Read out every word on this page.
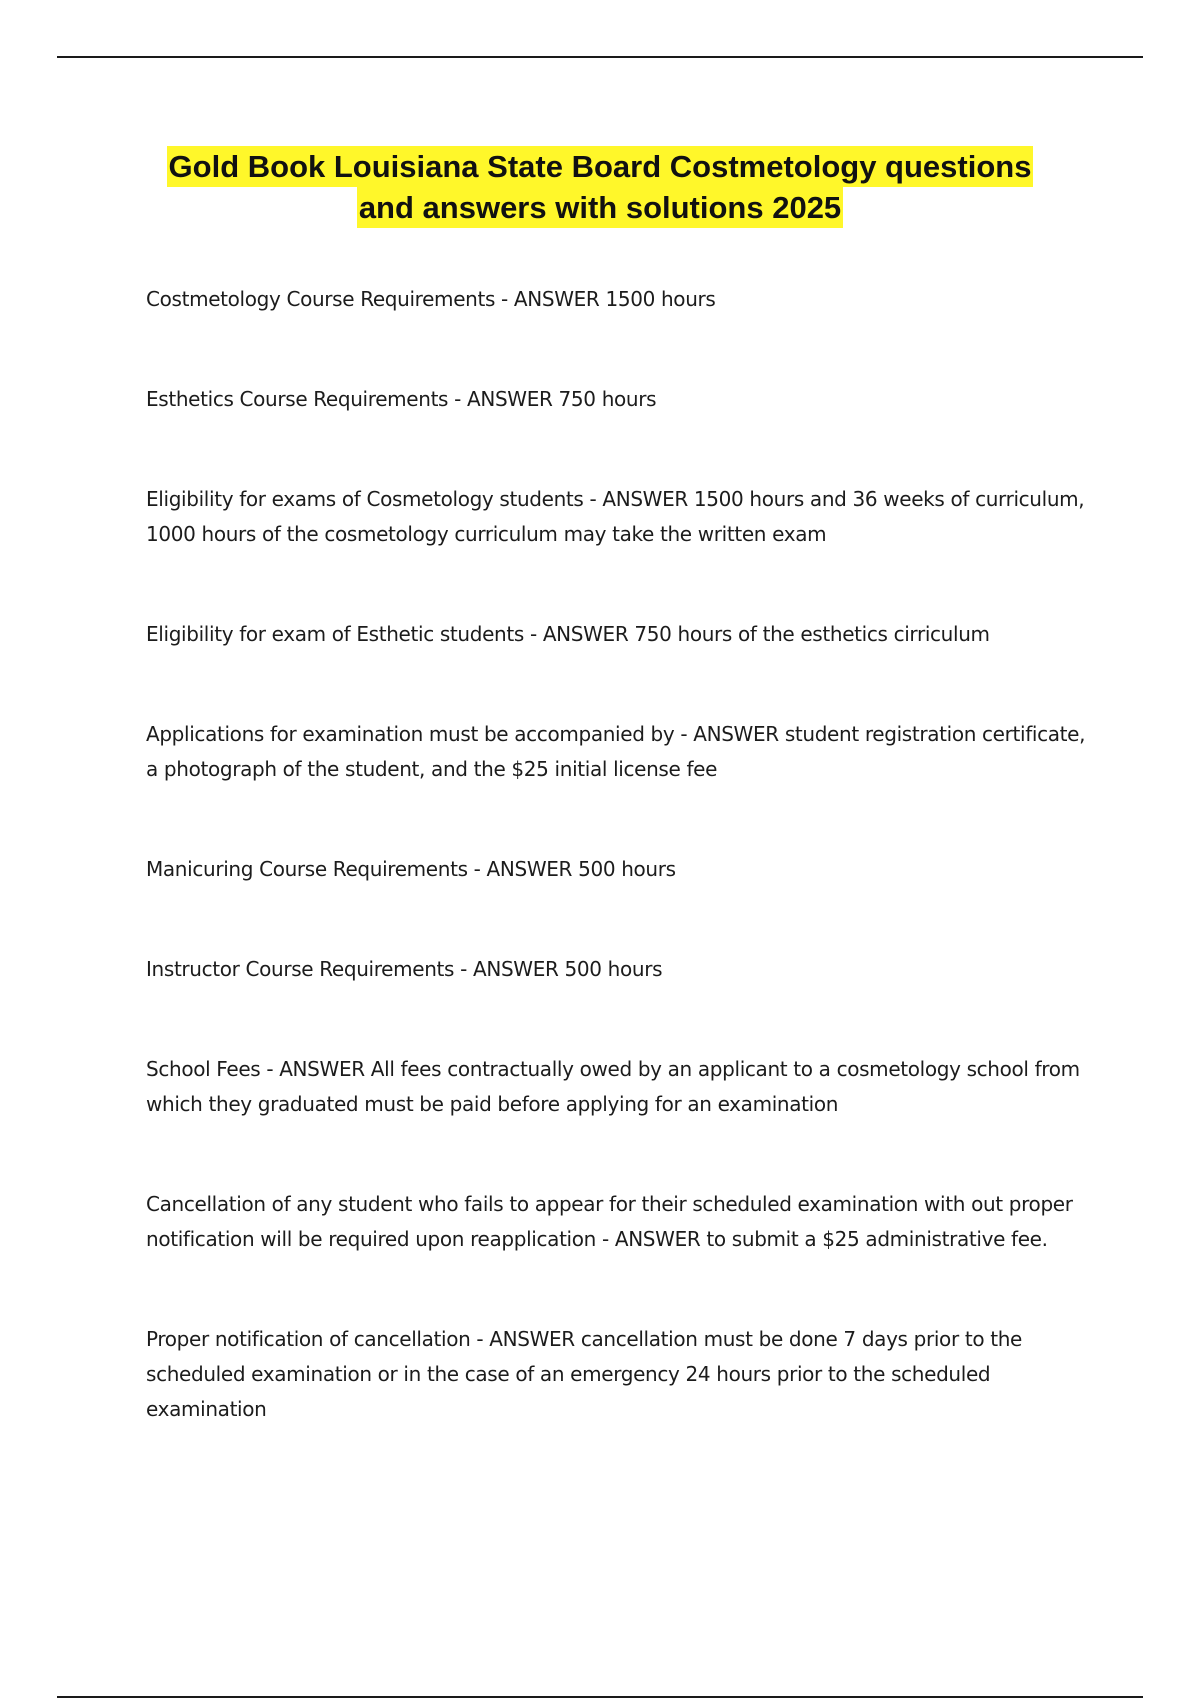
Gold Book Louisiana State Board Costmetology questions
and answers with solutions 2025
Costmetology Course Requirements - ANSWER 1500 hours
Esthetics Course Requirements - ANSWER 750 hours
Eligibility for exams of Cosmetology students - ANSWER 1500 hours and 36 weeks of curriculum, 1000 hours of the cosmetology curriculum may take the written exam
Eligibility for exam of Esthetic students - ANSWER 750 hours of the esthetics cirriculum
Applications for examination must be accompanied by - ANSWER student registration certificate, a photograph of the student, and the $25 initial license fee
Manicuring Course Requirements - ANSWER 500 hours
Instructor Course Requirements - ANSWER 500 hours
School Fees - ANSWER All fees contractually owed by an applicant to a cosmetology school from which they graduated must be paid before applying for an examination
Cancellation of any student who fails to appear for their scheduled examination with out proper notification will be required upon reapplication - ANSWER to submit a $25 administrative fee.
Proper notification of cancellation - ANSWER cancellation must be done 7 days prior to the scheduled examination or in the case of an emergency 24 hours prior to the scheduled examination
